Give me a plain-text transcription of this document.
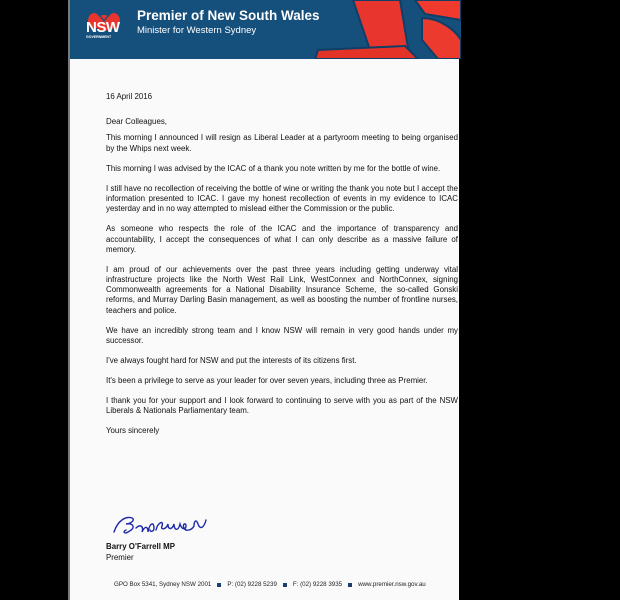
NSW
GOVERNMENT
Premier of New South Wales
Minister for Western Sydney

16 April 2016

Dear Colleagues,

This morning I announced I will resign as Liberal Leader at a partyroom meeting to being organised by the Whips next week.

This morning I was advised by the ICAC of a thank you note written by me for the bottle of wine.

I still have no recollection of receiving the bottle of wine or writing the thank you note but I accept the information presented to ICAC. I gave my honest recollection of events in my evidence to ICAC yesterday and in no way attempted to mislead either the Commission or the public.

As someone who respects the role of the ICAC and the importance of transparency and accountability, I accept the consequences of what I can only describe as a massive failure of memory.

I am proud of our achievements over the past three years including getting underway vital infrastructure projects like the North West Rail Link, WestConnex and NorthConnex, signing Commonwealth agreements for a National Disability Insurance Scheme, the so-called Gonski reforms, and Murray Darling Basin management, as well as boosting the number of frontline nurses, teachers and police.

We have an incredibly strong team and I know NSW will remain in very good hands under my successor.

I've always fought hard for NSW and put the interests of its citizens first.

It's been a privilege to serve as your leader for over seven years, including three as Premier.

I thank you for your support and I look forward to continuing to serve with you as part of the NSW Liberals & Nationals Parliamentary team.

Yours sincerely

Barry O'Farrell MP
Premier
GPO Box 5341, Sydney NSW 2001	P: (02) 9228 5239	F: (02) 9228 3935	www.premier.nsw.gov.au
